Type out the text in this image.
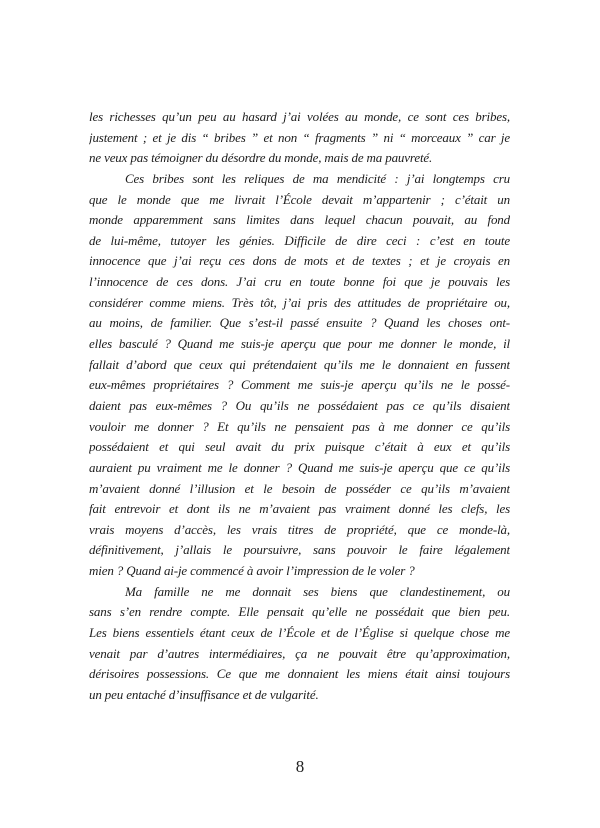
les richesses qu’un peu au hasard j’ai volées au monde, ce sont ces bribes,
justement ; et je dis “ bribes ” et non “ fragments ” ni “ morceaux ” car je
ne veux pas témoigner du désordre du monde, mais de ma pauvreté.
Ces bribes sont les reliques de ma mendicité : j’ai longtemps cru
que le monde que me livrait l’École devait m’appartenir ; c’était un
monde apparemment sans limites dans lequel chacun pouvait, au fond
de lui-même, tutoyer les génies. Difficile de dire ceci : c’est en toute
innocence que j’ai reçu ces dons de mots et de textes ; et je croyais en
l’innocence de ces dons. J’ai cru en toute bonne foi que je pouvais les
considérer comme miens. Très tôt, j’ai pris des attitudes de propriétaire ou,
au moins, de familier. Que s’est-il passé ensuite ? Quand les choses ont-
elles basculé ? Quand me suis-je aperçu que pour me donner le monde, il
fallait d’abord que ceux qui prétendaient qu’ils me le donnaient en fussent
eux-mêmes propriétaires ? Comment me suis-je aperçu qu’ils ne le possé-
daient pas eux-mêmes ? Ou qu’ils ne possédaient pas ce qu’ils disaient
vouloir me donner ? Et qu’ils ne pensaient pas à me donner ce qu’ils
possédaient et qui seul avait du prix puisque c’était à eux et qu’ils
auraient pu vraiment me le donner ? Quand me suis-je aperçu que ce qu’ils
m’avaient donné l’illusion et le besoin de posséder ce qu’ils m’avaient
fait entrevoir et dont ils ne m’avaient pas vraiment donné les clefs, les
vrais moyens d’accès, les vrais titres de propriété, que ce monde-là,
définitivement, j’allais le poursuivre, sans pouvoir le faire légalement
mien ? Quand ai-je commencé à avoir l’impression de le voler ?
Ma famille ne me donnait ses biens que clandestinement, ou
sans s’en rendre compte. Elle pensait qu’elle ne possédait que bien peu.
Les biens essentiels étant ceux de l’École et de l’Église si quelque chose me
venait par d’autres intermédiaires, ça ne pouvait être qu’approximation,
dérisoires possessions. Ce que me donnaient les miens était ainsi toujours
un peu entaché d’insuffisance et de vulgarité.
8
